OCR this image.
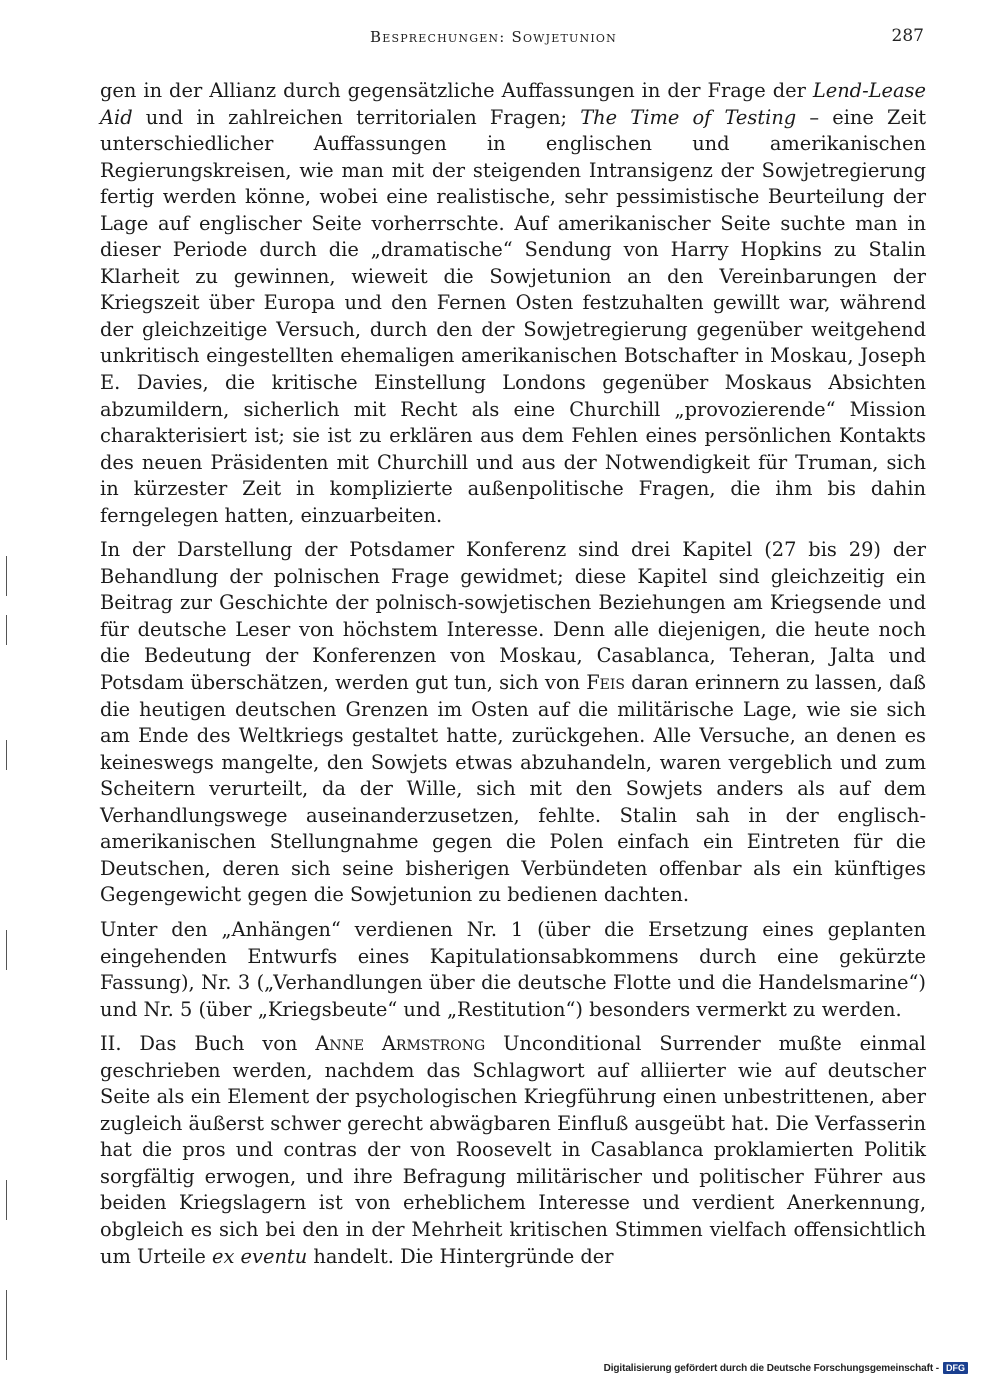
Besprechungen: Sowjetunion	287
gen in der Allianz durch gegensätzliche Auffassungen in der Frage der Lend-Lease Aid und in zahlreichen territorialen Fragen; The Time of Testing – eine Zeit unterschiedlicher Auffassungen in englischen und amerikanischen Regierungskreisen, wie man mit der steigenden Intransigenz der Sowjetregierung fertig werden könne, wobei eine realistische, sehr pessimistische Beurteilung der Lage auf englischer Seite vorherrschte. Auf amerikanischer Seite suchte man in dieser Periode durch die „dramatische“ Sendung von Harry Hopkins zu Stalin Klarheit zu gewinnen, wieweit die Sowjetunion an den Vereinbarungen der Kriegszeit über Europa und den Fernen Osten festzuhalten gewillt war, während der gleichzeitige Versuch, durch den der Sowjetregierung gegenüber weitgehend unkritisch eingestellten ehemaligen amerikanischen Botschafter in Moskau, Joseph E. Davies, die kritische Einstellung Londons gegenüber Moskaus Absichten abzumildern, sicherlich mit Recht als eine Churchill „provozierende“ Mission charakterisiert ist; sie ist zu erklären aus dem Fehlen eines persönlichen Kontakts des neuen Präsidenten mit Churchill und aus der Notwendigkeit für Truman, sich in kürzester Zeit in komplizierte außenpolitische Fragen, die ihm bis dahin ferngelegen hatten, einzuarbeiten.
In der Darstellung der Potsdamer Konferenz sind drei Kapitel (27 bis 29) der Behandlung der polnischen Frage gewidmet; diese Kapitel sind gleichzeitig ein Beitrag zur Geschichte der polnisch-sowjetischen Beziehungen am Kriegsende und für deutsche Leser von höchstem Interesse. Denn alle diejenigen, die heute noch die Bedeutung der Konferenzen von Moskau, Casablanca, Teheran, Jalta und Potsdam überschätzen, werden gut tun, sich von Feis daran erinnern zu lassen, daß die heutigen deutschen Grenzen im Osten auf die militärische Lage, wie sie sich am Ende des Weltkriegs gestaltet hatte, zurückgehen. Alle Versuche, an denen es keineswegs mangelte, den Sowjets etwas abzuhandeln, waren vergeblich und zum Scheitern verurteilt, da der Wille, sich mit den Sowjets anders als auf dem Verhandlungswege auseinanderzusetzen, fehlte. Stalin sah in der englisch-amerikanischen Stellungnahme gegen die Polen einfach ein Eintreten für die Deutschen, deren sich seine bisherigen Verbündeten offenbar als ein künftiges Gegengewicht gegen die Sowjetunion zu bedienen dachten.
Unter den „Anhängen“ verdienen Nr. 1 (über die Ersetzung eines geplanten eingehenden Entwurfs eines Kapitulationsabkommens durch eine gekürzte Fassung), Nr. 3 („Verhandlungen über die deutsche Flotte und die Handelsmarine“) und Nr. 5 (über „Kriegsbeute“ und „Restitution“) besonders vermerkt zu werden.
II. Das Buch von Anne Armstrong Unconditional Surrender mußte einmal geschrieben werden, nachdem das Schlagwort auf alliierter wie auf deutscher Seite als ein Element der psychologischen Kriegführung einen unbestrittenen, aber zugleich äußerst schwer gerecht abwägbaren Einfluß ausgeübt hat. Die Verfasserin hat die pros und contras der von Roosevelt in Casablanca proklamierten Politik sorgfältig erwogen, und ihre Befragung militärischer und politischer Führer aus beiden Kriegslagern ist von erheblichem Interesse und verdient Anerkennung, obgleich es sich bei den in der Mehrheit kritischen Stimmen vielfach offensichtlich um Urteile ex eventu handelt. Die Hintergründe der
Digitalisierung gefördert durch die Deutsche Forschungsgemeinschaft - DFG
